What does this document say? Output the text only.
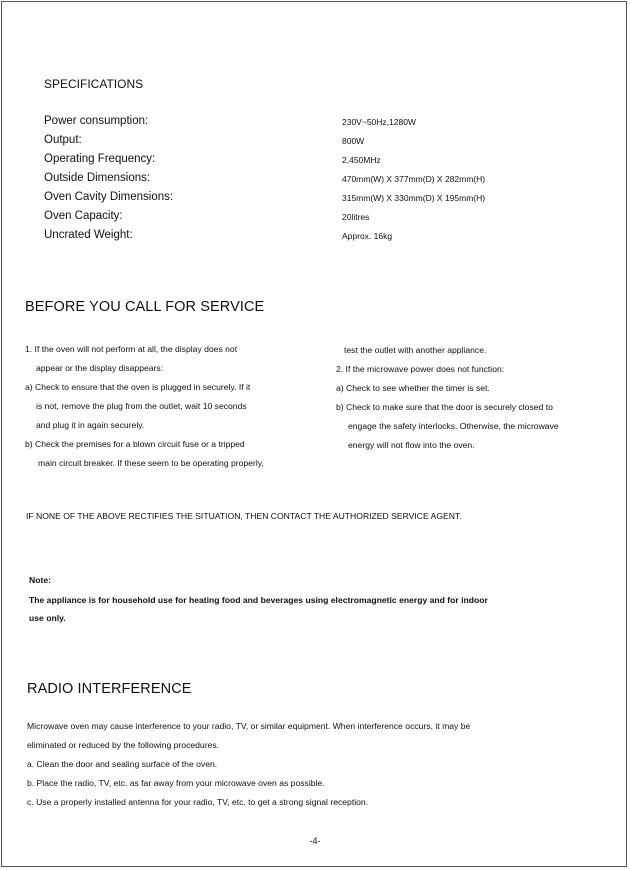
SPECIFICATIONS
Power consumption:	230V~50Hz,1280W
Output:	800W
Operating Frequency:	2,450MHz
Outside Dimensions:	470mm(W) X 377mm(D) X 282mm(H)
Oven Cavity Dimensions:	315mm(W) X 330mm(D) X 195mm(H)
Oven Capacity:	20litres
Uncrated Weight:	Approx. 16kg
BEFORE YOU CALL FOR SERVICE
1. If the oven will not perform at all, the display does not
appear or the display disappears:
a) Check to ensure that the oven is plugged in securely. If it
is not, remove the plug from the outlet, wait 10 seconds
and plug it in again securely.
b) Check the premises for a blown circuit fuse or a tripped
main circuit breaker. If these seem to be operating properly,
test the outlet with another appliance.
2. If the microwave power does not function:
a) Check to see whether the timer is set.
b) Check to make sure that the door is securely closed to
engage the safety interlocks. Otherwise, the microwave
energy will not flow into the oven.
IF NONE OF THE ABOVE RECTIFIES THE SITUATION, THEN CONTACT THE AUTHORIZED SERVICE AGENT.
Note:
The appliance is for household use for heating food and beverages using electromagnetic energy and for indoor
use only.
RADIO INTERFERENCE
Microwave oven may cause interference to your radio, TV, or similar equipment. When interference occurs, it may be
eliminated or reduced by the following procedures.
a. Clean the door and sealing surface of the oven.
b. Place the radio, TV, etc. as far away from your microwave oven as possible.
c. Use a properly installed antenna for your radio, TV, etc. to get a strong signal reception.
-4-
